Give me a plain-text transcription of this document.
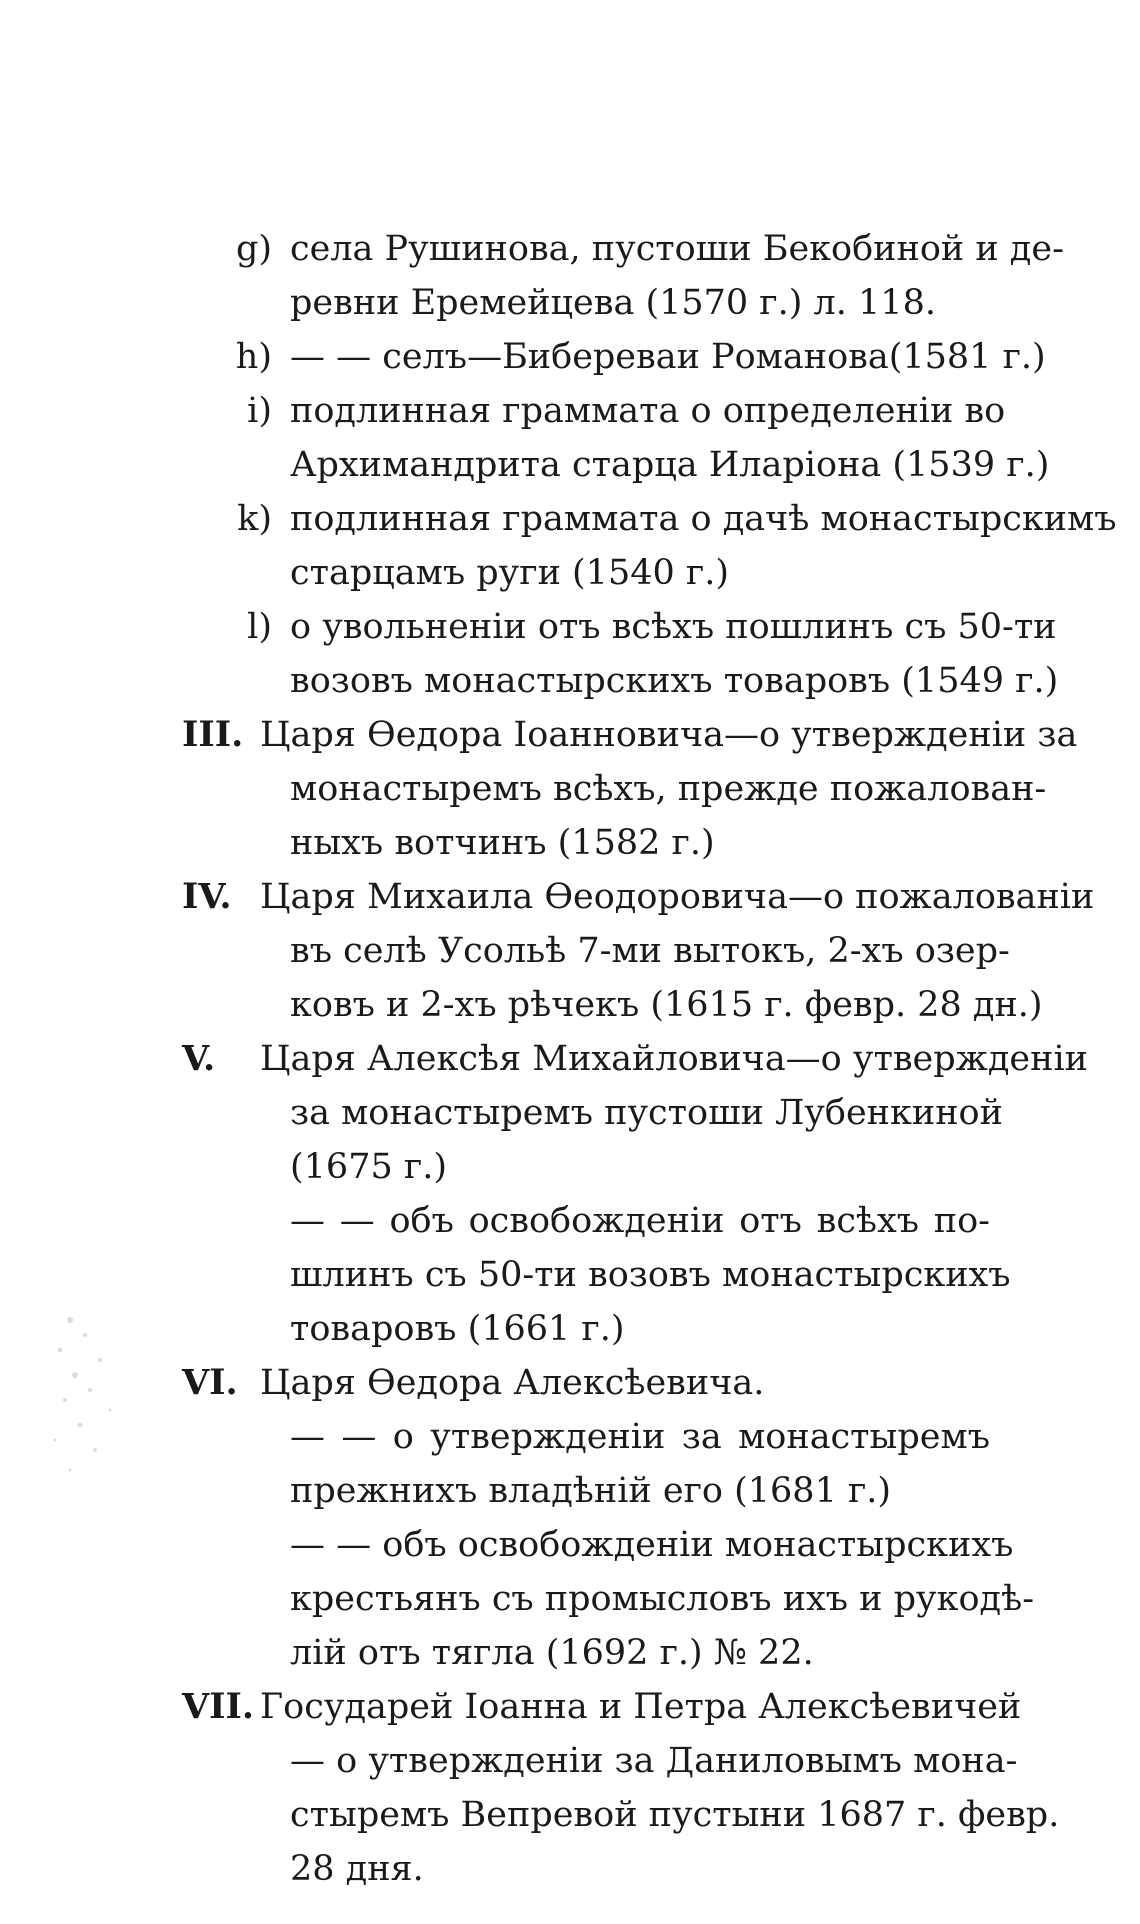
g) села Рушинова, пустоши Бекобиной и де-
ревни Еремейцева (1570 г.) л. 118.
h) — — селъ—Бибереваи Романова(1581 г.)
i) подлинная граммата о определеніи во
Архимандрита старца Иларіона (1539 г.)
k) подлинная граммата о дачѣ монастырскимъ
старцамъ руги (1540 г.)
l) о увольненіи отъ всѣхъ пошлинъ съ 50-ти
возовъ монастырскихъ товаровъ (1549 г.)
III. Царя Ѳедора Іоанновича—о утвержденіи за
монастыремъ всѣхъ, прежде пожалован-
ныхъ вотчинъ (1582 г.)
IV. Царя Михаила Ѳеодоровича—о пожалованіи
въ селѣ Усольѣ 7-ми вытокъ, 2-хъ озер-
ковъ и 2-хъ рѣчекъ (1615 г. февр. 28 дн.)
V.	Царя Алексѣя Михайловича—о утвержденіи
за монастыремъ пустоши Лубенкиной
(1675 г.)
— — объ освобожденіи отъ всѣхъ по-
шлинъ съ 50-ти возовъ монастырскихъ
товаровъ (1661 г.)
VI. Царя Ѳедора Алексѣевича.
— — о утвержденіи за монастыремъ
прежнихъ владѣній его (1681 г.)
— — объ освобожденіи монастырскихъ
крестьянъ съ промысловъ ихъ и рукодѣ-
лій отъ тягла (1692 г.) № 22.
VII. Государей Іоанна и Петра Алексѣевичей
— о утвержденіи за Даниловымъ мона-
стыремъ Вепревой пустыни 1687 г. февр.
28 дня.
